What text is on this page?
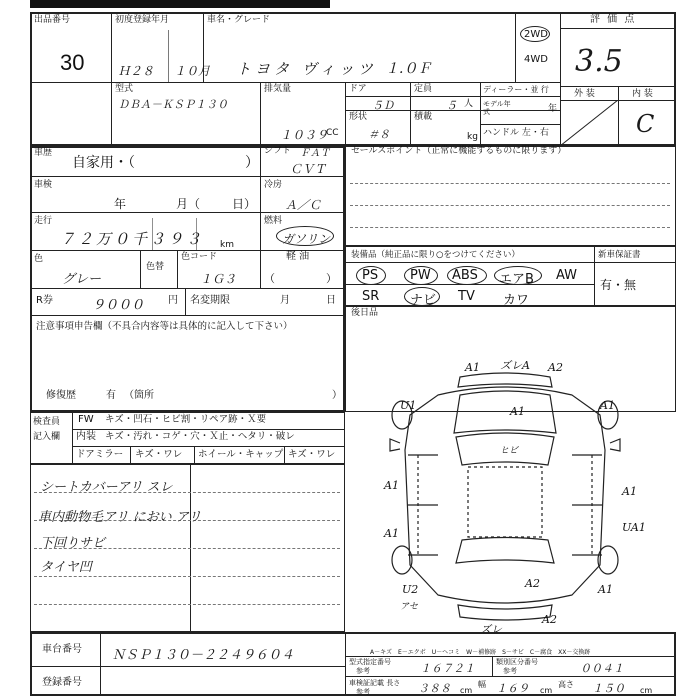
出品番号
30
初度登録年月
Ｈ２８ １０月
車名・グレード
トヨタ ヴィッツ １.０Ｆ
2WD
4WD
評 価 点
3.5
外 装	内 装
C
型式
ＤＢＡ－ＫＳＰ１３０
排気量
１０３９
CC
ドア
５Ｄ
定員
５ 人
ディーラー・並 行
モデル年式	年
形状
＃８
積載
kg ハンドル 左・右
車歴
自家用・（	）
シフト ＦＡＴ
ＣＶＴ
セールスポイント（正常に機能するものに限ります）
車検
年	月（	日）
冷房
Ａ／Ｃ
走行
７２万０千３９３ km
燃料
ガソリン
色
グレー
色替
色コード
１Ｇ３
軽 油
（	）
装備品（純正品に限り○をつけてください）	新車保証書
有・無
PS PW ABS エアB AW
SR ナビ TV カワ
後日品
R券	９０００ 円 名変期限	月	日
注意事項申告欄（不具合内容等は具体的に記入して下さい）
修復歴	有 （箇所	）
検査員
記入欄
FW キズ・凹石・ヒビ割・リペア跡・Ｘ要
内装 キズ・汚れ・コゲ・穴・Ｘ止・ヘタリ・破レ
ドアミラー キズ・ワレ ホイール・キャップ キズ・ワレ
シートカバーアリ スレ
車内動物毛アリ におい アリ
下回りサビ
タイヤ凹
A1 ズレA A2
U1	A1
ヒビ
A1
A1	A1
A1	UA1
U2
アセ
A2
ズレ
A2
A1
車台番号 ＮＳＰ１３０－２２４９６０４
登録番号
A－キズ　E－エクボ　U－ヘコミ　W－補修跡　S－サビ　C－腐食　XX－交換跡
型式指定番号
参考	１６７２１	類別区分番号
参考	００４１
車検証記載 長さ
参考	３８８ cm
幅 １６９ cm
高さ １５０ cm
